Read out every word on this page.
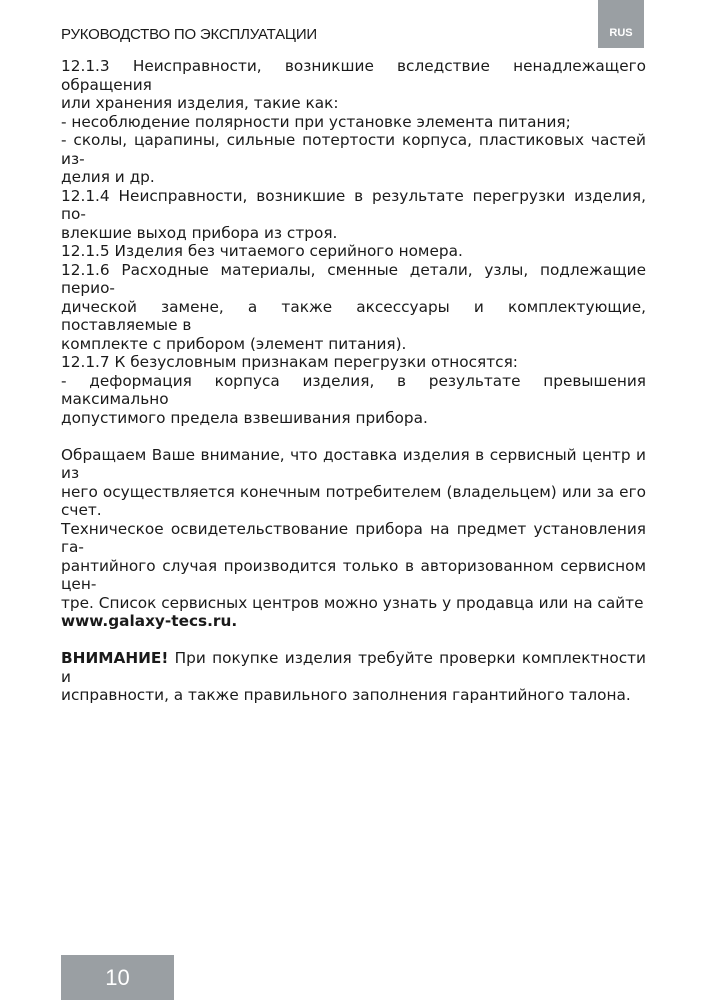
РУКОВОДСТВО ПО ЭКСПЛУАТАЦИИ	RUS

12.1.3 Неисправности, возникшие вследствие ненадлежащего обращения

или хранения изделия, такие как:

- несоблюдение полярности при установке элемента питания;

- сколы, царапины, сильные потертости корпуса, пластиковых частей из-

делия и др.

12.1.4 Неисправности, возникшие в результате перегрузки изделия, по-

влекшие выход прибора из строя.

12.1.5 Изделия без читаемого серийного номера.

12.1.6 Расходные материалы, сменные детали, узлы, подлежащие перио-

дической замене, а также аксессуары и комплектующие, поставляемые в

комплекте с прибором (элемент питания).

12.1.7 К безусловным признакам перегрузки относятся:

- деформация корпуса изделия, в результате превышения максимально

допустимого предела взвешивания прибора.

Обращаем Ваше внимание, что доставка изделия в сервисный центр и из

него осуществляется конечным потребителем (владельцем) или за его счет.

Техническое освидетельствование прибора на предмет установления га-

рантийного случая производится только в авторизованном сервисном цен-

тре. Список сервисных центров можно узнать у продавца или на сайте

www.galaxy-tecs.ru.

ВНИМАНИЕ! При покупке изделия требуйте проверки комплектности и

исправности, а также правильного заполнения гарантийного талона.

10
